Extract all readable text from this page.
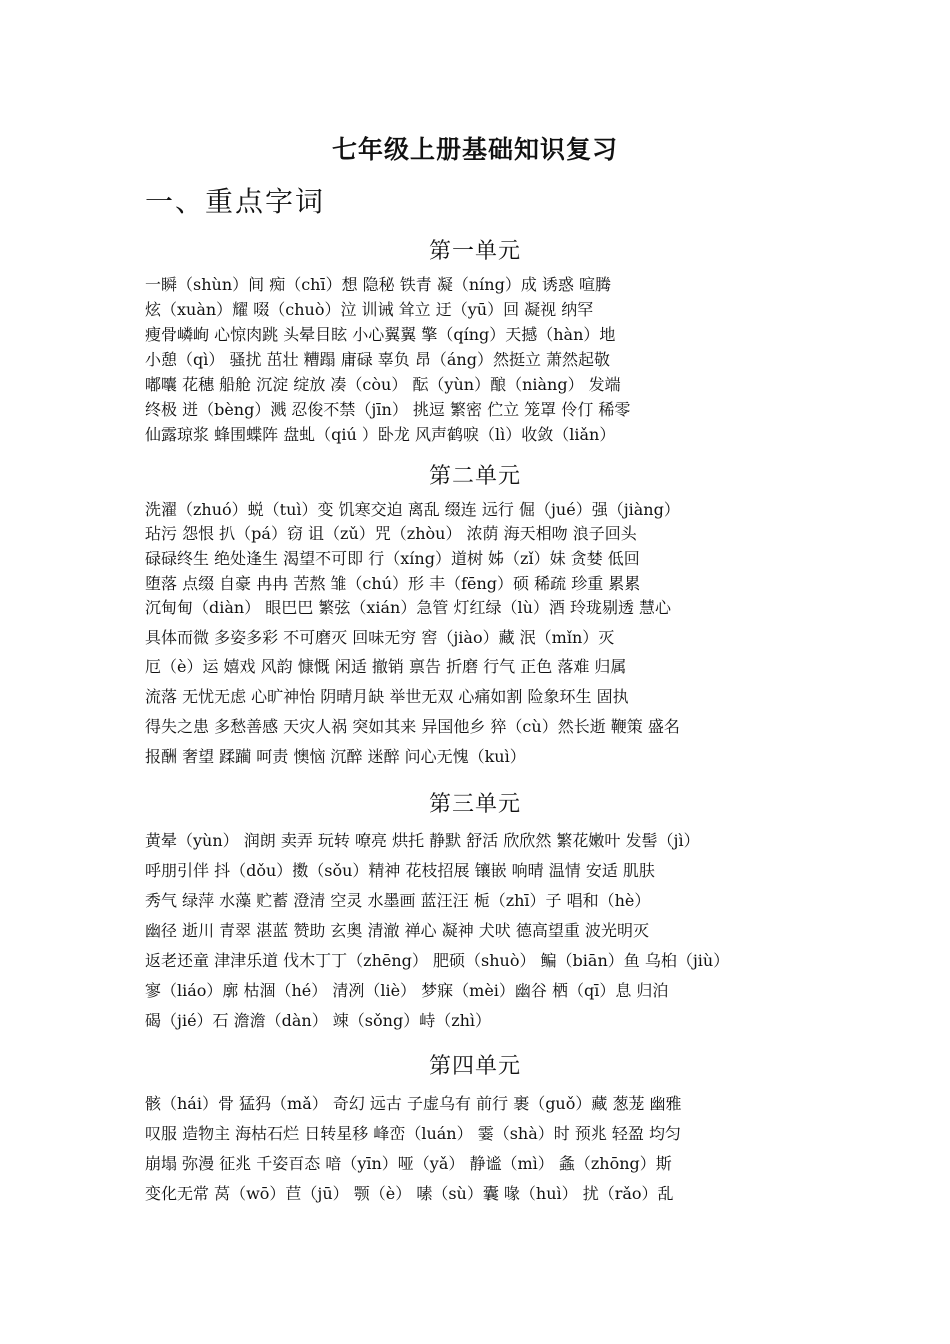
七年级上册基础知识复习
一、重点字词
第一单元
一瞬（shùn）间 痴（chī）想 隐秘 铁青 凝（níng）成 诱惑 喧腾
炫（xuàn）耀 啜（chuò）泣 训诫 耸立 迂（yū）回 凝视 纳罕
瘦骨嶙峋 心惊肉跳 头晕目眩 小心翼翼 擎（qíng）天撼（hàn）地
小憩（qì） 骚扰 茁壮 糟蹋 庸碌 辜负 昂（áng）然挺立 萧然起敬
嘟囔 花穗 船舱 沉淀 绽放 凑（còu） 酝（yùn）酿（niàng） 发端
终极 迸（bèng）溅 忍俊不禁（jīn） 挑逗 繁密 伫立 笼罩 伶仃 稀零
仙露琼浆 蜂围蝶阵 盘虬（qiú ）卧龙 风声鹤唳（lì）收敛（liǎn）
第二单元
洗濯（zhuó）蜕（tuì）变 饥寒交迫 离乱 缀连 远行 倔（jué）强（jiàng）
玷污 怨恨 扒（pá）窃 诅（zǔ）咒（zhòu） 浓荫 海天相吻 浪子回头
碌碌终生 绝处逢生 渴望不可即 行（xíng）道树 姊（zǐ）妹 贪婪 低回
堕落 点缀 自豪 冉冉 苦熬 雏（chú）形 丰（fēng）硕 稀疏 珍重 累累
沉甸甸（diàn） 眼巴巴 繁弦（xián）急管 灯红绿（lù）酒 玲珑剔透 慧心
具体而微 多姿多彩 不可磨灭 回味无穷 窖（jiào）藏 泯（mǐn）灭
厄（è）运 嬉戏 风韵 慷慨 闲适 撤销 禀告 折磨 行气 正色 落难 归属
流落 无忧无虑 心旷神怡 阴晴月缺 举世无双 心痛如割 险象环生 固执
得失之患 多愁善感 天灾人祸 突如其来 异国他乡 猝（cù）然长逝 鞭策 盛名
报酬 奢望 蹂躏 呵责 懊恼 沉醉 迷醉 问心无愧（kuì）
第三单元
黄晕（yùn） 润朗 卖弄 玩转 嘹亮 烘托 静默 舒活 欣欣然 繁花嫩叶 发髻（jì）
呼朋引伴 抖（dǒu）擞（sǒu）精神 花枝招展 镶嵌 响晴 温情 安适 肌肤
秀气 绿萍 水藻 贮蓄 澄清 空灵 水墨画 蓝汪汪 栀（zhī）子 唱和（hè）
幽径 逝川 青翠 湛蓝 赞助 玄奥 清澈 禅心 凝神 犬吠 德高望重 波光明灭
返老还童 津津乐道 伐木丁丁（zhēng） 肥硕（shuò） 鳊（biān）鱼 乌桕（jiù）
寥（liáo）廓 枯涸（hé） 清冽（liè） 梦寐（mèi）幽谷 栖（qī）息 归泊
碣（jié）石 澹澹（dàn） 竦（sǒng）峙（zhì）
第四单元
骸（hái）骨 猛犸（mǎ） 奇幻 远古 子虚乌有 前行 裹（guǒ）藏 葱茏 幽雅
叹服 造物主 海枯石烂 日转星移 峰峦（luán） 霎（shà）时 预兆 轻盈 均匀
崩塌 弥漫 征兆 千姿百态 喑（yīn）哑（yǎ） 静谧（mì） 螽（zhōng）斯
变化无常 莴（wō）苣（jū） 颚（è） 嗉（sù）囊 喙（huì） 扰（rǎo）乱
